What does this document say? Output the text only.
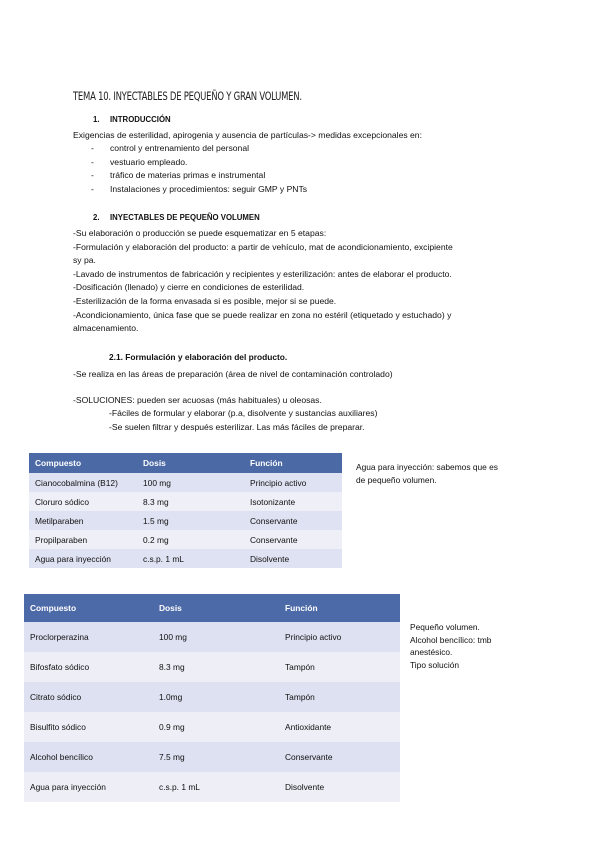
TEMA 10. INYECTABLES DE PEQUEÑO Y GRAN VOLUMEN.
1. INTRODUCCIÓN
Exigencias de esterilidad, apirogenia y ausencia de partículas-> medidas excepcionales en:
- control y entrenamiento del personal
- vestuario empleado.
- tráfico de materias primas e instrumental
- Instalaciones y procedimientos: seguir GMP y PNTs
2. INYECTABLES DE PEQUEÑO VOLUMEN
-Su elaboración o producción se puede esquematizar en 5 etapas:
-Formulación y elaboración del producto: a partir de vehículo, mat de acondicionamiento, excipiente
sy pa.
-Lavado de instrumentos de fabricación y recipientes y esterilización: antes de elaborar el producto.
-Dosificación (llenado) y cierre en condiciones de esterilidad.
-Esterilización de la forma envasada si es posible, mejor si se puede.
-Acondicionamiento, única fase que se puede realizar en zona no estéril (etiquetado y estuchado) y
almacenamiento.
2.1. Formulación y elaboración del producto.
-Se realiza en las áreas de preparación (área de nivel de contaminación controlado)
-SOLUCIONES: pueden ser acuosas (más habituales) u oleosas.
-Fáciles de formular y elaborar (p.a, disolvente y sustancias auxiliares)
-Se suelen filtrar y después esterilizar. Las más fáciles de preparar.
Compuesto	Dosis	Función
Cianocobalmina (B12)	100 mg	Principio activo
Cloruro sódico	8.3 mg	Isotonizante
Metilparaben	1.5 mg	Conservante
Propilparaben	0.2 mg	Conservante
Agua para inyección	c.s.p. 1 mL	Disolvente
Agua para inyección: sabemos que es
de pequeño volumen.
Compuesto	Dosis	Función
Proclorperazina	100 mg	Principio activo
Bifosfato sódico	8.3 mg	Tampón
Citrato sódico	1.0mg	Tampón
Bisulfito sódico	0.9 mg	Antioxidante
Alcohol bencílico	7.5 mg	Conservante
Agua para inyección	c.s.p. 1 mL	Disolvente
Pequeño volumen.
Alcohol bencílico: tmb
anestésico.
Tipo solución
